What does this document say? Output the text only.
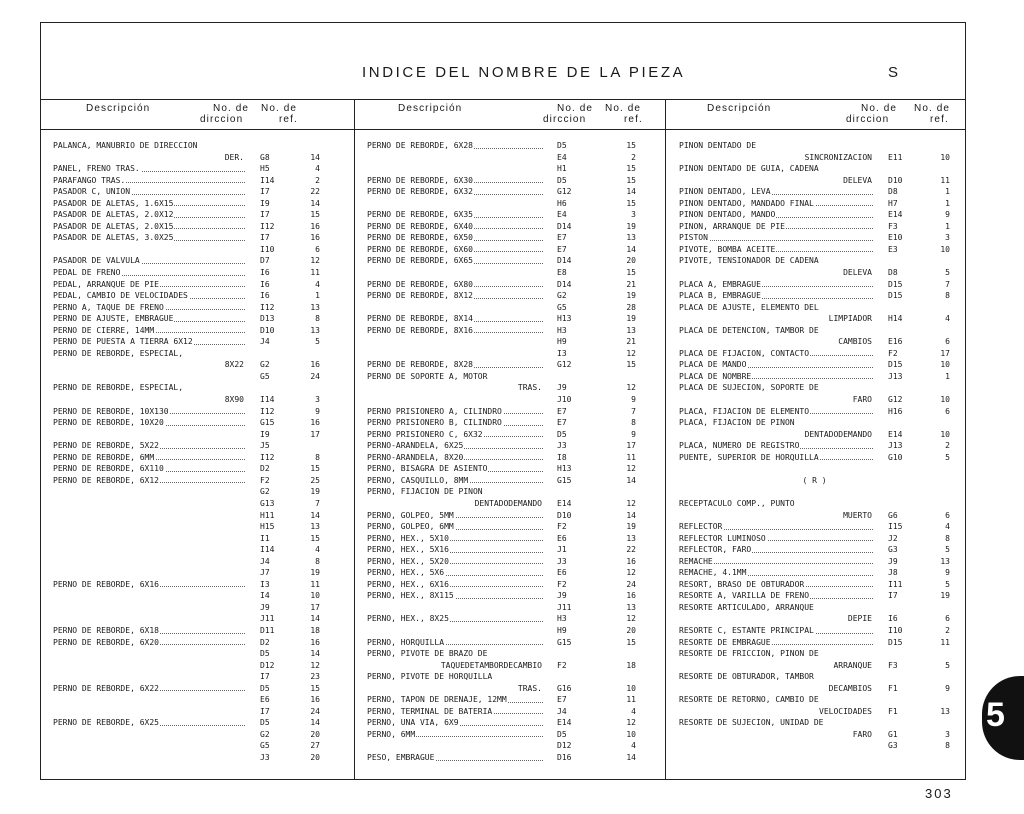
INDICE DEL NOMBRE DE LA PIEZA	S
Descripción	No. de
dirccion
No. de
ref.
PALANCA, MANUBRIO DE DIRECCION
DER. G8	14
PANEL, FRENO TRAS.	H5	4
PARAFANGO TRAS.	I14	2
PASADOR C, UNION	I7	22
PASADOR DE ALETAS, 1.6X15	I9	14
PASADOR DE ALETAS, 2.0X12	I7	15
PASADOR DE ALETAS, 2.0X15	I12	16
PASADOR DE ALETAS, 3.0X25	I7	16
I10	6
PASADOR DE VALVULA	D7	12
PEDAL DE FRENO	I6	11
PEDAL, ARRANQUE DE PIE	I6	4
PEDAL, CAMBIO DE VELOCIDADES	I6	1
PERNO A, TAQUE DE FRENO	I12	13
PERNO DE AJUSTE, EMBRAGUE	D13	8
PERNO DE CIERRE, 14MM	D10	13
PERNO DE PUESTA A TIERRA 6X12	J4	5
PERNO DE REBORDE, ESPECIAL,
8X22 G2	16
G5	24
PERNO DE REBORDE, ESPECIAL,
8X90 I14	3
PERNO DE REBORDE, 10X130	I12	9
PERNO DE REBORDE, 10X20	G15	16
I9	17
PERNO DE REBORDE, 5X22	J5
PERNO DE REBORDE, 6MM	I12	8
PERNO DE REBORDE, 6X110	D2	15
PERNO DE REBORDE, 6X12	F2	25
G2	19
G13	7
H11	14
H15	13
I1	15
I14	4
J4	8
J7	19
PERNO DE REBORDE, 6X16	I3	11
I4	10
J9	17
J11	14
PERNO DE REBORDE, 6X18	D11	18
PERNO DE REBORDE, 6X20	D2	16
D5	14
D12	12
I7	23
PERNO DE REBORDE, 6X22	D5	15
E6	16
I7	24
PERNO DE REBORDE, 6X25	D5	14
G2	20
G5	27
J3	20
Descripción	No. de
dirccion
No. de
ref.
PERNO DE REBORDE, 6X28	D5	15
E4	2
H1	15
PERNO DE REBORDE, 6X30	D5	15
PERNO DE REBORDE, 6X32	G12	14
H6	15
PERNO DE REBORDE, 6X35	E4	3
PERNO DE REBORDE, 6X40	D14	19
PERNO DE REBORDE, 6X50	E7	13
PERNO DE REBORDE, 6X60	E7	14
PERNO DE REBORDE, 6X65	D14	20
E8	15
PERNO DE REBORDE, 6X80	D14	21
PERNO DE REBORDE, 8X12	G2	19
G5	28
PERNO DE REBORDE, 8X14	H13	19
PERNO DE REBORDE, 8X16	H3	13
H9	21
I3	12
PERNO DE REBORDE, 8X28	G12	15
PERNO DE SOPORTE A, MOTOR
TRAS. J9	12
J10	9
PERNO PRISIONERO A, CILINDRO	E7	7
PERNO PRISIONERO B, CILINDRO	E7	8
PERNO PRISIONERO C, 6X32	D5	9
PERNO-ARANDELA, 6X25	J3	17
PERNO-ARANDELA, 8X20	I8	11
PERNO, BISAGRA DE ASIENTO	H13	12
PERNO, CASQUILLO, 8MM	G15	14
PERNO, FIJACION DE PINON
DENTADODEMANDO E14	12
PERNO, GOLPEO, 5MM	D10	14
PERNO, GOLPEO, 6MM	F2	19
PERNO, HEX., 5X10	E6	13
PERNO, HEX., 5X16	J1	22
PERNO, HEX., 5X20	J3	16
PERNO, HEX., 5X6	E6	12
PERNO, HEX., 6X16	F2	24
PERNO, HEX., 8X115	J9	16
J11	13
PERNO, HEX., 8X25	H3	12
H9	20
PERNO, HORQUILLA	G15	15
PERNO, PIVOTE DE BRAZO DE
TAQUEDETAMBORDECAMBIO F2	18
PERNO, PIVOTE DE HORQUILLA
TRAS. G16	10
PERNO, TAPON DE DRENAJE, 12MM	E7	11
PERNO, TERMINAL DE BATERIA	J4	4
PERNO, UNA VIA, 6X9	E14	12
PERNO, 6MM	D5	10
D12	4
PESO, EMBRAGUE	D16	14
Descripción	No. de
dirccion
No. de
ref.
PINON DENTADO DE
SINCRONIZACION E11	10
PINON DENTADO DE GUIA, CADENA
DELEVA D10	11
PINON DENTADO, LEVA	D8	1
PINON DENTADO, MANDADO FINAL	H7	1
PINON DENTADO, MANDO	E14	9
PINON, ARRANQUE DE PIE	F3	1
PISTON	E10	3
PIVOTE, BOMBA ACEITE	E3	10
PIVOTE, TENSIONADOR DE CADENA
DELEVA D8	5
PLACA A, EMBRAGUE	D15	7
PLACA B, EMBRAGUE	D15	8
PLACA DE AJUSTE, ELEMENTO DEL
LIMPIADOR H14	4
PLACA DE DETENCION, TAMBOR DE
CAMBIOS E16	6
PLACA DE FIJACION, CONTACTO	F2	17
PLACA DE MANDO	D15	10
PLACA DE NOMBRE	J13	1
PLACA DE SUJECION, SOPORTE DE
FARO G12	10
PLACA, FIJACION DE ELEMENTO	H16	6
PLACA, FIJACION DE PINON
DENTADODEMANDO E14	10
PLACA, NUMERO DE REGISTRO	J13	2
PUENTE, SUPERIOR DE HORQUILLA	G10	5
( R )
RECEPTACULO COMP., PUNTO
MUERTO G6	6
REFLECTOR	I15	4
REFLECTOR LUMINOSO	J2	8
REFLECTOR, FARO	G3	5
REMACHE	J9	13
REMACHE, 4.1MM	J8	9
RESORT, BRASO DE OBTURADOR	I11	5
RESORTE A, VARILLA DE FRENO	I7	19
RESORTE ARTICULADO, ARRANQUE
DEPIE I6	6
RESORTE C, ESTANTE PRINCIPAL	I10	2
RESORTE DE EMBRAGUE	D15	11
RESORTE DE FRICCION, PINON DE
ARRANQUE F3	5
RESORTE DE OBTURADOR, TAMBOR
DECAMBIOS F1	9
RESORTE DE RETORNO, CAMBIO DE
VELOCIDADES F1	13
RESORTE DE SUJECION, UNIDAD DE
FARO G1	3
G3	8
5
303
